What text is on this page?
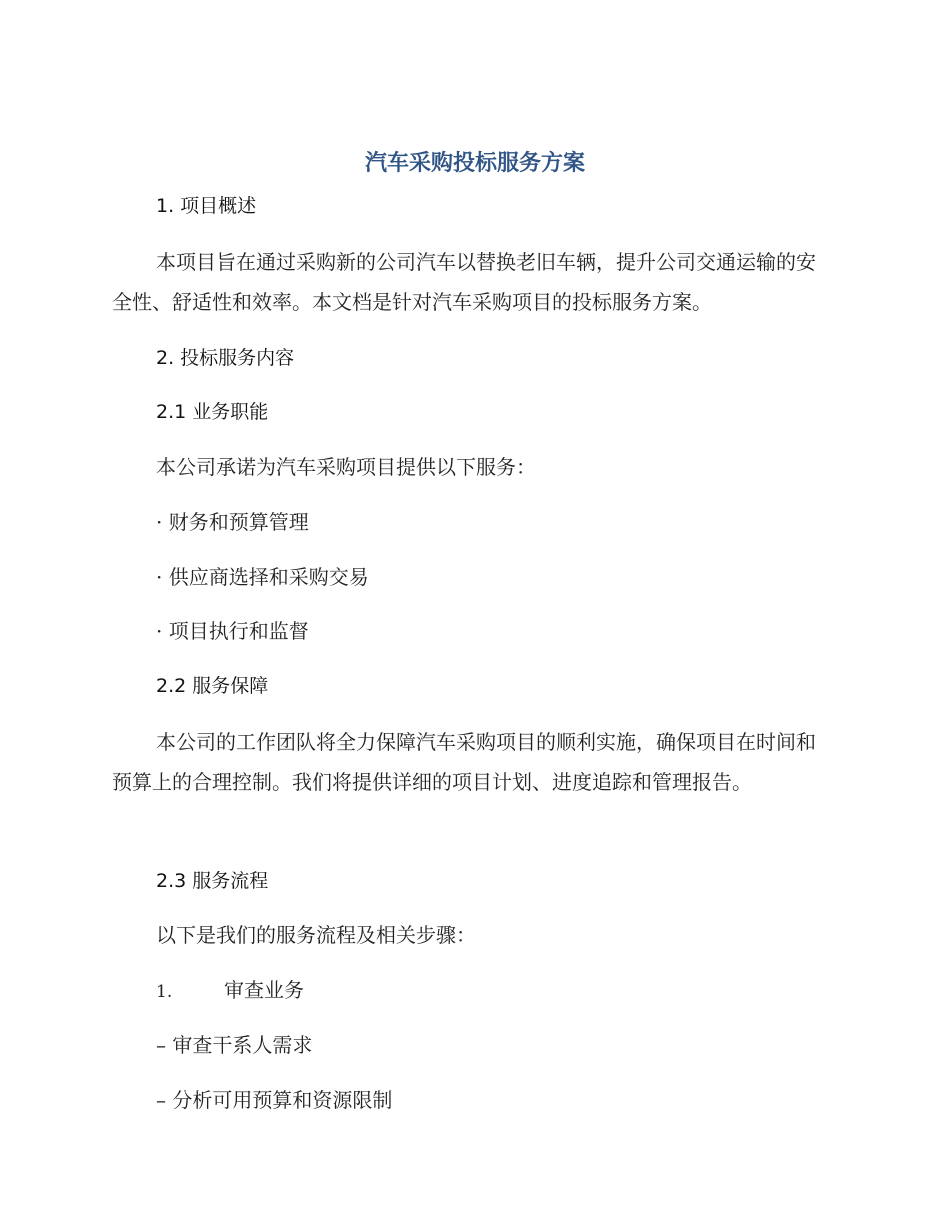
汽车采购投标服务方案
1. 项目概述
本项目旨在通过采购新的公司汽车以替换老旧车辆，提升公司交通运输的安全性、舒适性和效率。本文档是针对汽车采购项目的投标服务方案。
2. 投标服务内容
2.1 业务职能
本公司承诺为汽车采购项目提供以下服务：
· 财务和预算管理
· 供应商选择和采购交易
· 项目执行和监督
2.2 服务保障
本公司的工作团队将全力保障汽车采购项目的顺利实施，确保项目在时间和预算上的合理控制。我们将提供详细的项目计划、进度追踪和管理报告。
2.3 服务流程
以下是我们的服务流程及相关步骤：
1.	审查业务
– 审查干系人需求
– 分析可用预算和资源限制
